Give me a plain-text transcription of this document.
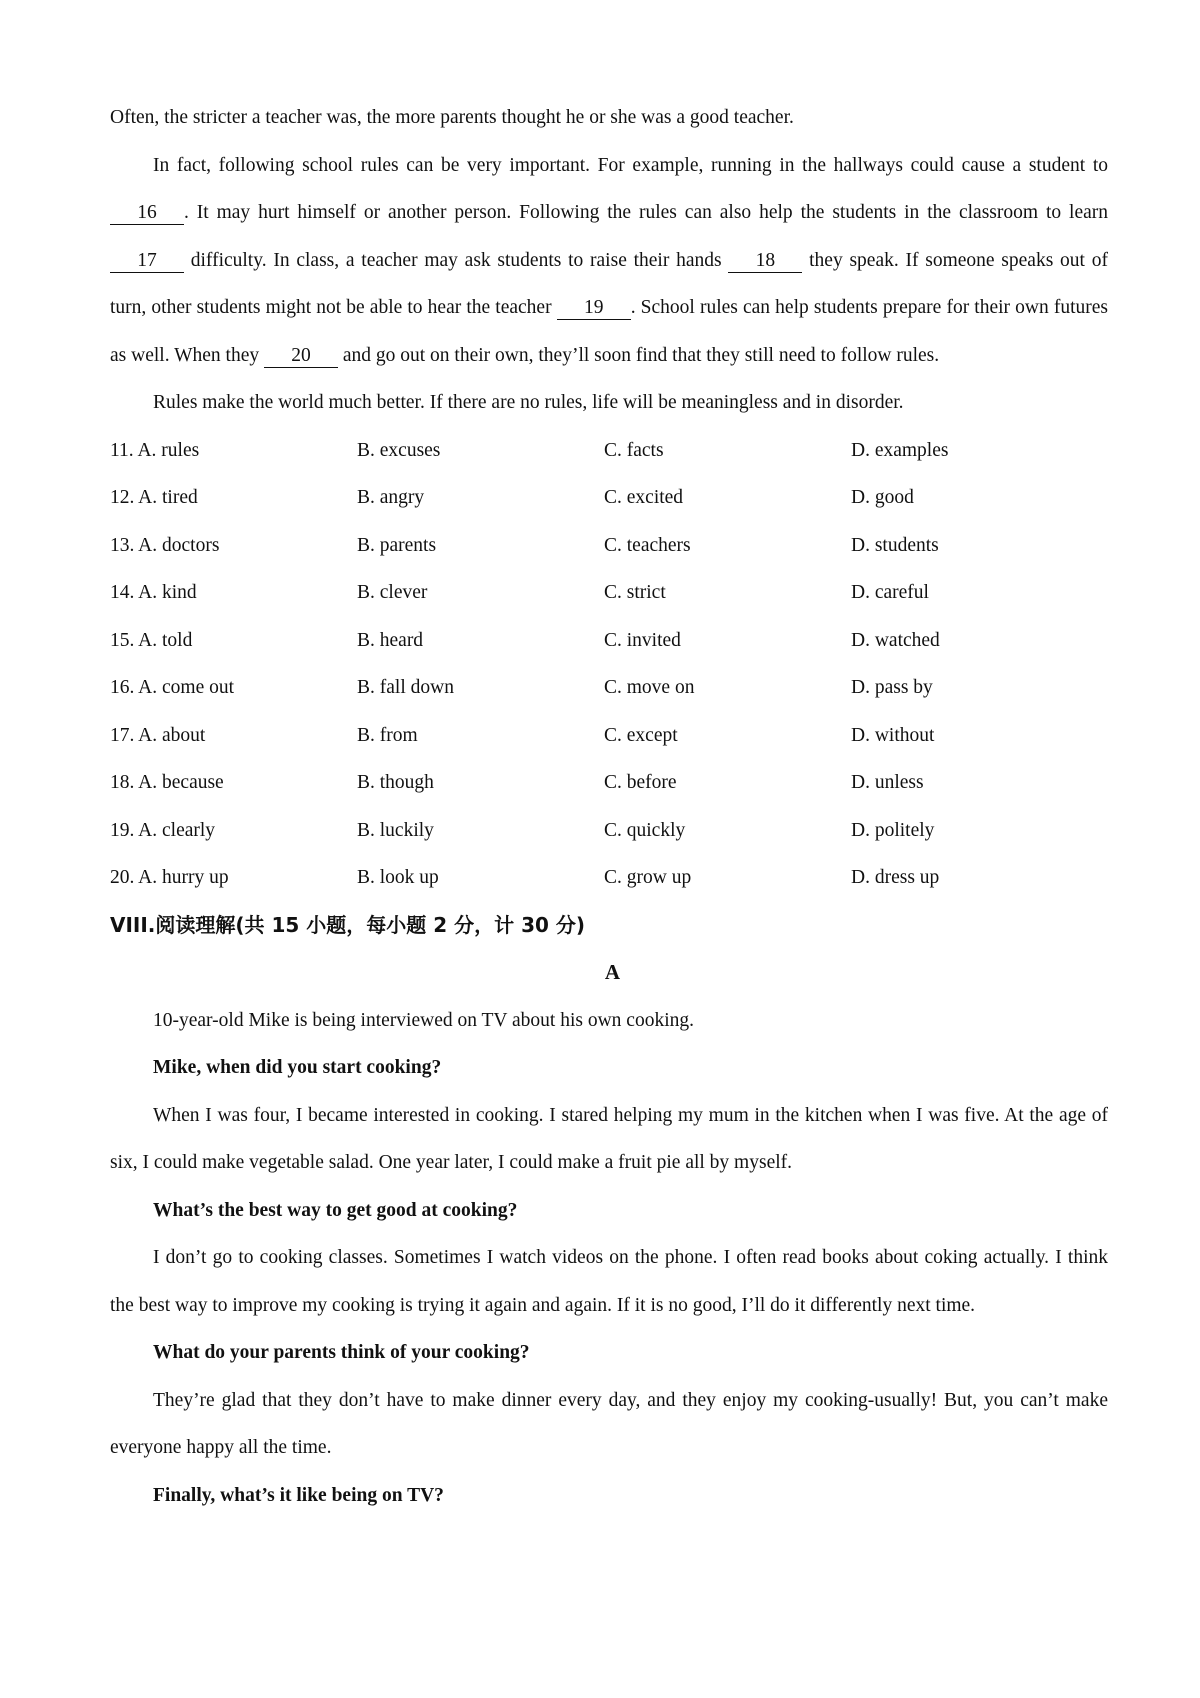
Often, the stricter a teacher was, the more parents thought he or she was a good teacher.

In fact, following school rules can be very important. For example, running in the hallways could cause a student to 16 . It may hurt himself or another person. Following the rules can also help the students in the classroom to learn 17 difficulty. In class, a teacher may ask students to raise their hands 18 they speak. If someone speaks out of turn, other students might not be able to hear the teacher 19 . School rules can help students prepare for their own futures as well. When they 20 and go out on their own, they’ll soon find that they still need to follow rules.

Rules make the world much better. If there are no rules, life will be meaningless and in disorder.

11. A. rules	B. excuses	C. facts	D. examples
12. A. tired	B. angry	C. excited	D. good
13. A. doctors	B. parents	C. teachers	D. students
14. A. kind	B. clever	C. strict	D. careful
15. A. told	B. heard	C. invited	D. watched
16. A. come out	B. fall down	C. move on	D. pass by
17. A. about	B. from	C. except	D. without
18. A. because	B. though	C. before	D. unless
19. A. clearly	B. luckily	C. quickly	D. politely
20. A. hurry up	B. look up	C. grow up	D. dress up

VIII.阅读理解(共 15 小题，每小题 2 分，计 30 分)

A

10-year-old Mike is being interviewed on TV about his own cooking.

Mike, when did you start cooking?

When I was four, I became interested in cooking. I stared helping my mum in the kitchen when I was five. At the age of six, I could make vegetable salad. One year later, I could make a fruit pie all by myself.

What’s the best way to get good at cooking?

I don’t go to cooking classes. Sometimes I watch videos on the phone. I often read books about coking actually. I think the best way to improve my cooking is trying it again and again. If it is no good, I’ll do it differently next time.

What do your parents think of your cooking?

They’re glad that they don’t have to make dinner every day, and they enjoy my cooking-usually! But, you can’t make everyone happy all the time.

Finally, what’s it like being on TV?
